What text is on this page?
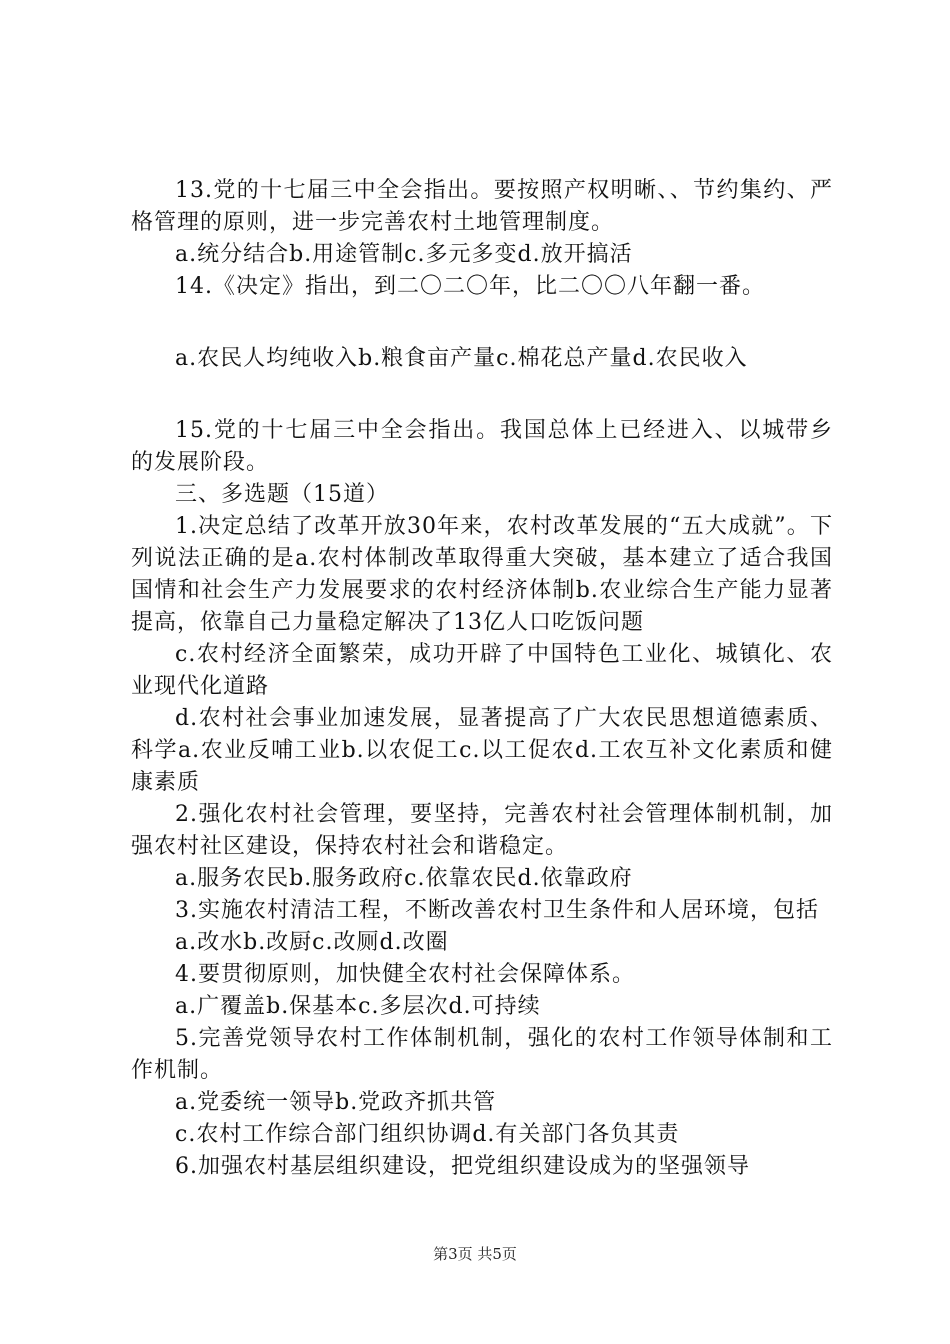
13.党的十七届三中全会指出。要按照产权明晰、、节约集约、严格管理的原则，进一步完善农村土地管理制度。

a.统分结合b.用途管制c.多元多变d.放开搞活

14.《决定》指出，到二〇二〇年，比二〇〇八年翻一番。

a.农民人均纯收入b.粮食亩产量c.棉花总产量d.农民收入

15.党的十七届三中全会指出。我国总体上已经进入、以城带乡的发展阶段。

三、多选题（15道）

1.决定总结了改革开放30年来，农村改革发展的“五大成就”。下列说法正确的是a.农村体制改革取得重大突破，基本建立了适合我国国情和社会生产力发展要求的农村经济体制b.农业综合生产能力显著提高，依靠自己力量稳定解决了13亿人口吃饭问题

c.农村经济全面繁荣，成功开辟了中国特色工业化、城镇化、农业现代化道路

d.农村社会事业加速发展，显著提高了广大农民思想道德素质、科学a.农业反哺工业b.以农促工c.以工促农d.工农互补文化素质和健康素质

2.强化农村社会管理，要坚持，完善农村社会管理体制机制，加强农村社区建设，保持农村社会和谐稳定。

a.服务农民b.服务政府c.依靠农民d.依靠政府

3.实施农村清洁工程，不断改善农村卫生条件和人居环境，包括

a.改水b.改厨c.改厕d.改圈

4.要贯彻原则，加快健全农村社会保障体系。

a.广覆盖b.保基本c.多层次d.可持续

5.完善党领导农村工作体制机制，强化的农村工作领导体制和工作机制。

a.党委统一领导b.党政齐抓共管

c.农村工作综合部门组织协调d.有关部门各负其责

6.加强农村基层组织建设，把党组织建设成为的坚强领导

第3页 共5页
